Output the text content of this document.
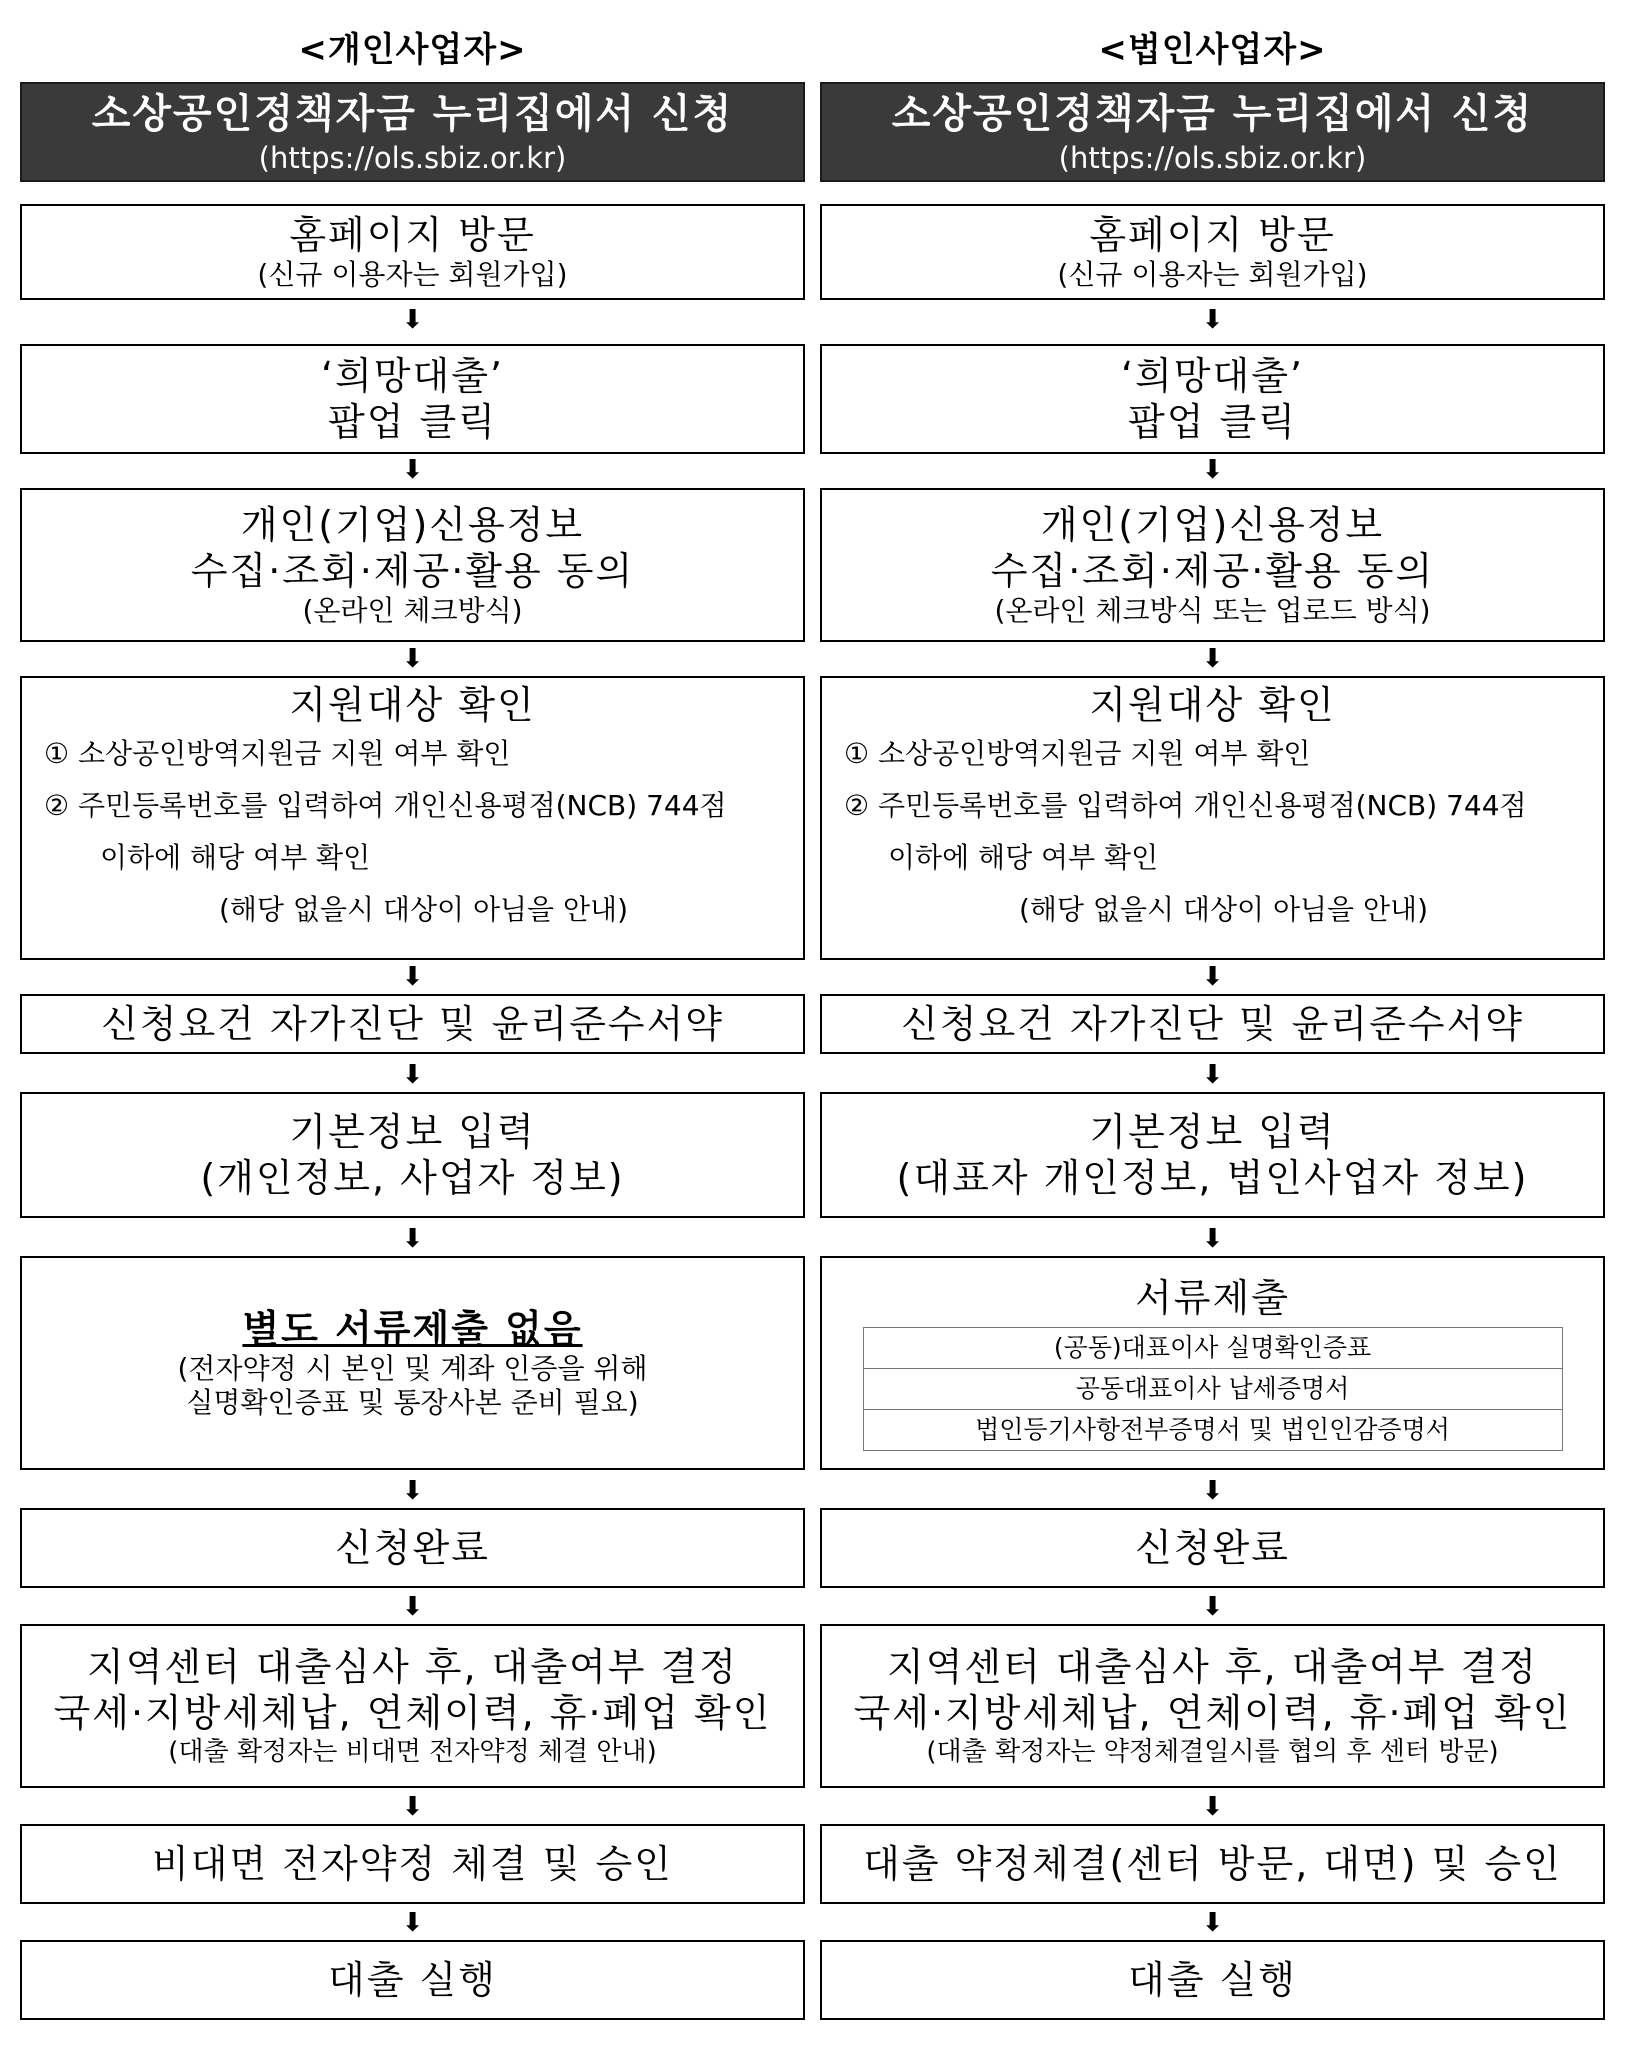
<개인사업자>
소상공인정책자금 누리집에서 신청
(https://ols.sbiz.or.kr)
홈페이지 방문
(신규 이용자는 회원가입)
⬇
‘희망대출’
팝업 클릭
⬇
개인(기업)신용정보
수집·조회·제공·활용 동의
(온라인 체크방식)
⬇
지원대상 확인
① 소상공인방역지원금 지원 여부 확인
② 주민등록번호를 입력하여 개인신용평점(NCB) 744점
이하에 해당 여부 확인
(해당 없을시 대상이 아님을 안내)
⬇
신청요건 자가진단 및 윤리준수서약
⬇
기본정보 입력
(개인정보, 사업자 정보)
⬇
별도 서류제출 없음
(전자약정 시 본인 및 계좌 인증을 위해
실명확인증표 및 통장사본 준비 필요)
⬇
신청완료
⬇
지역센터 대출심사 후, 대출여부 결정
국세·지방세체납, 연체이력, 휴·폐업 확인
(대출 확정자는 비대면 전자약정 체결 안내)
⬇
비대면 전자약정 체결 및 승인
⬇
대출 실행
<법인사업자>
소상공인정책자금 누리집에서 신청
(https://ols.sbiz.or.kr)
홈페이지 방문
(신규 이용자는 회원가입)
⬇
‘희망대출’
팝업 클릭
⬇
개인(기업)신용정보
수집·조회·제공·활용 동의
(온라인 체크방식 또는 업로드 방식)
⬇
지원대상 확인
① 소상공인방역지원금 지원 여부 확인
② 주민등록번호를 입력하여 개인신용평점(NCB) 744점
이하에 해당 여부 확인
(해당 없을시 대상이 아님을 안내)
⬇
신청요건 자가진단 및 윤리준수서약
⬇
기본정보 입력
(대표자 개인정보, 법인사업자 정보)
⬇
서류제출
(공동)대표이사 실명확인증표
공동대표이사 납세증명서
법인등기사항전부증명서 및 법인인감증명서
⬇
신청완료
⬇
지역센터 대출심사 후, 대출여부 결정
국세·지방세체납, 연체이력, 휴·폐업 확인
(대출 확정자는 약정체결일시를 협의 후 센터 방문)
⬇
대출 약정체결(센터 방문, 대면) 및 승인
⬇
대출 실행
